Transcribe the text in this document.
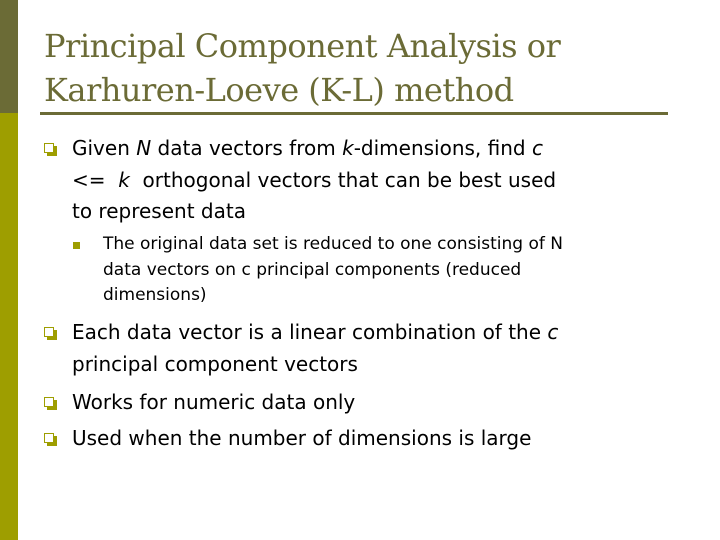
Principal Component Analysis or
Karhuren-Loeve (K-L) method
Given N data vectors from k-dimensions, find c
<=  k  orthogonal vectors that can be best used
to represent data
The original data set is reduced to one consisting of N
data vectors on c principal components (reduced
dimensions)
Each data vector is a linear combination of the c
principal component vectors
Works for numeric data only
Used when the number of dimensions is large
